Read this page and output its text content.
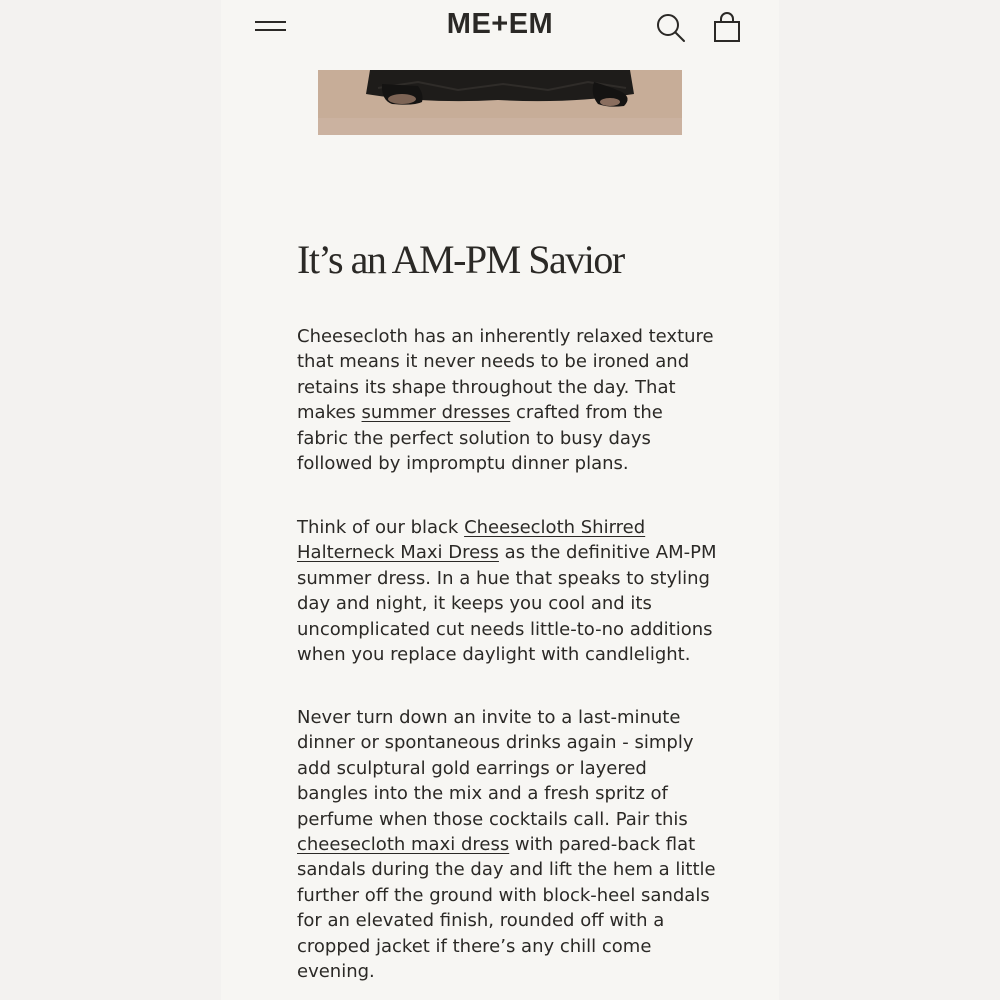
ME+EM
It’s an AM-PM Savior

Cheesecloth has an inherently relaxed texture that means it never needs to be ironed and retains its shape throughout the day. That makes summer dresses crafted from the fabric the perfect solution to busy days followed by impromptu dinner plans.

Think of our black Cheesecloth Shirred Halterneck Maxi Dress as the definitive AM-PM summer dress. In a hue that speaks to styling day and night, it keeps you cool and its uncomplicated cut needs little-to-no additions when you replace daylight with candlelight.

Never turn down an invite to a last-minute dinner or spontaneous drinks again - simply add sculptural gold earrings or layered bangles into the mix and a fresh spritz of perfume when those cocktails call. Pair this cheesecloth maxi dress with pared-back flat sandals during the day and lift the hem a little further off the ground with block-heel sandals for an elevated finish, rounded off with a cropped jacket if there’s any chill come evening.
